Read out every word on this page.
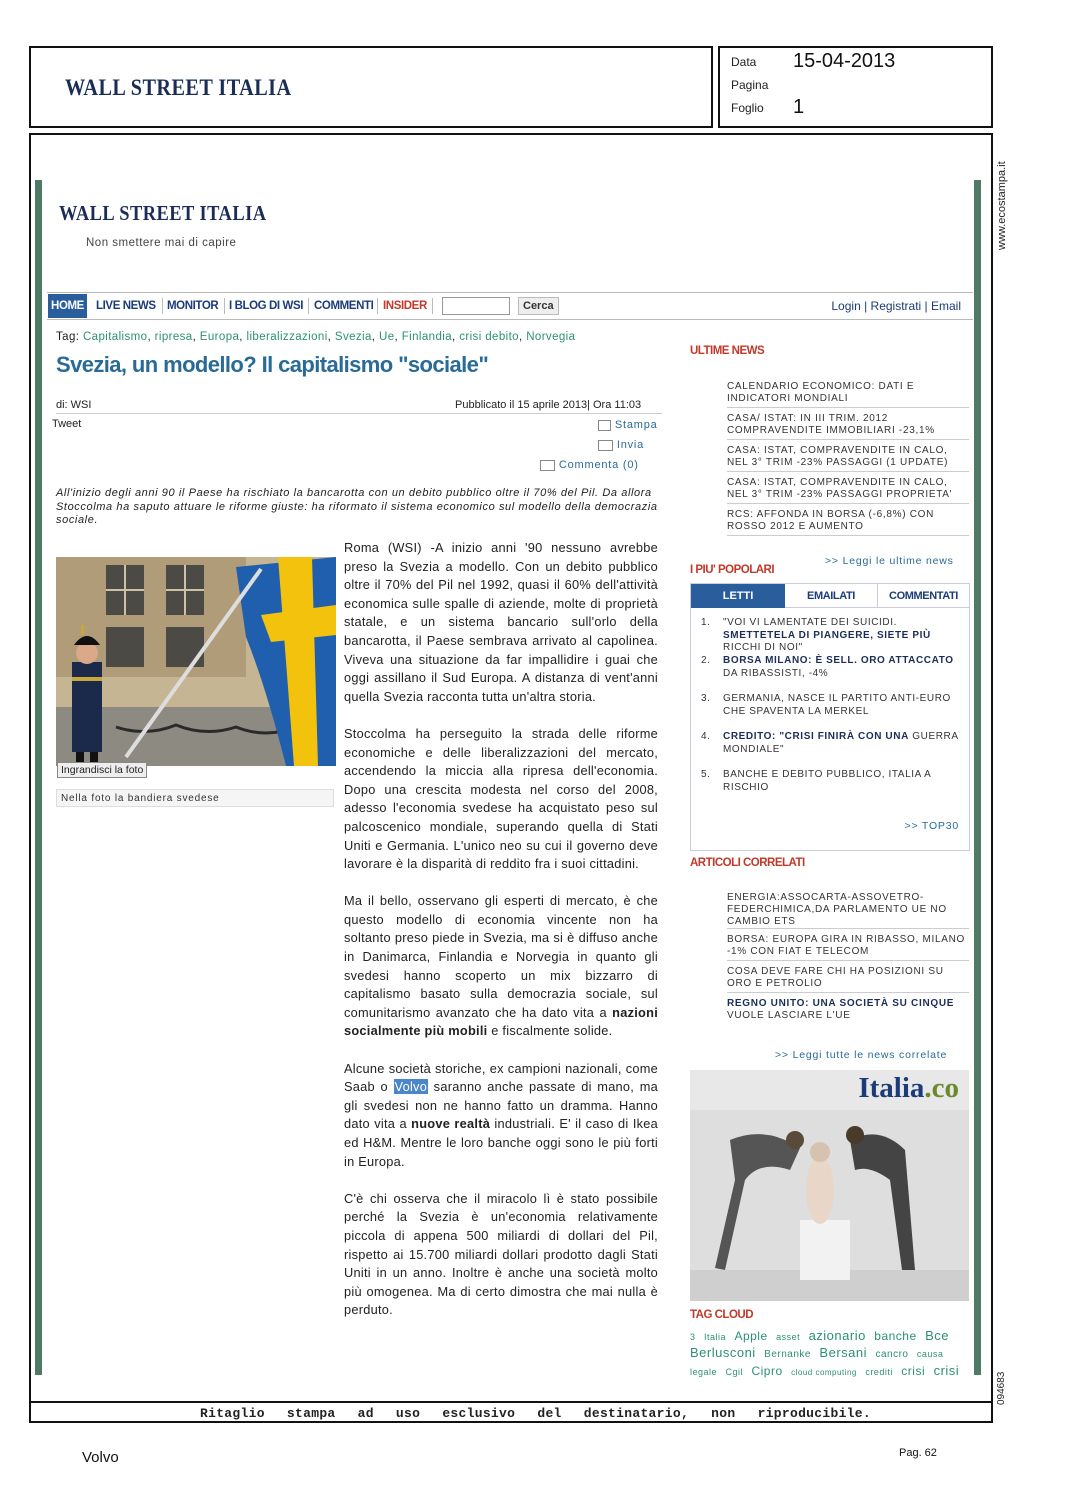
WALL STREET ITALIA
Data 15-04-2013
Pagina
Foglio 1
www.ecostampa.it
094683
Ritaglio stampa ad uso esclusivo del destinatario, non riproducibile.
WALL STREET ITALIA
Non smettere mai di capire
HOME LIVE NEWS MONITOR I BLOG DI WSI COMMENTI INSIDER	Cerca	Login | Registrati | Email
Tag: Capitalismo, ripresa, Europa, liberalizzazioni, Svezia, Ue, Finlandia, crisi debito, Norvegia
Svezia, un modello? Il capitalismo "sociale"
di: WSI	Pubblicato il 15 aprile 2013| Ora 11:03
Tweet	Stampa
Invia
Commenta (0)
All'inizio degli anni 90 il Paese ha rischiato la bancarotta con un debito pubblico oltre il 70% del Pil. Da allora Stoccolma ha saputo attuare le riforme giuste: ha riformato il sistema economico sul modello della democrazia sociale.
Ingrandisci la foto
Nella foto la bandiera svedese

Roma (WSI) -A inizio anni '90 nessuno avrebbe preso la Svezia a modello. Con un debito pubblico oltre il 70% del Pil nel 1992, quasi il 60% dell'attività economica sulle spalle di aziende, molte di proprietà statale, e un sistema bancario sull'orlo della bancarotta, il Paese sembrava arrivato al capolinea. Viveva una situazione da far impallidire i guai che oggi assillano il Sud Europa. A distanza di vent'anni quella Svezia racconta tutta un'altra storia.

Stoccolma ha perseguito la strada delle riforme economiche e delle liberalizzazioni del mercato, accendendo la miccia alla ripresa dell'economia. Dopo una crescita modesta nel corso del 2008, adesso l'economia svedese ha acquistato peso sul palcoscenico mondiale, superando quella di Stati Uniti e Germania. L'unico neo su cui il governo deve lavorare è la disparità di reddito fra i suoi cittadini.

Ma il bello, osservano gli esperti di mercato, è che questo modello di economia vincente non ha soltanto preso piede in Svezia, ma si è diffuso anche in Danimarca, Finlandia e Norvegia in quanto gli svedesi hanno scoperto un mix bizzarro di capitalismo basato sulla democrazia sociale, sul comunitarismo avanzato che ha dato vita a nazioni socialmente più mobili e fiscalmente solide.

Alcune società storiche, ex campioni nazionali, come Saab o Volvo saranno anche passate di mano, ma gli svedesi non ne hanno fatto un dramma. Hanno dato vita a nuove realtà industriali. E' il caso di Ikea ed H&M. Mentre le loro banche oggi sono le più forti in Europa.

C'è chi osserva che il miracolo lì è stato possibile perché la Svezia è un'economia relativamente piccola di appena 500 miliardi di dollari del Pil, rispetto ai 15.700 miliardi dollari prodotto dagli Stati Uniti in un anno. Inoltre è anche una società molto più omogenea. Ma di certo dimostra che mai nulla è perduto.

ULTIME NEWS
CALENDARIO ECONOMICO: DATI E INDICATORI MONDIALI
CASA/ ISTAT: IN III TRIM. 2012 COMPRAVENDITE IMMOBILIARI -23,1%
CASA: ISTAT, COMPRAVENDITE IN CALO, NEL 3° TRIM -23% PASSAGGI (1 UPDATE)
CASA: ISTAT, COMPRAVENDITE IN CALO, NEL 3° TRIM -23% PASSAGGI PROPRIETA'
RCS: AFFONDA IN BORSA (-6,8%) CON ROSSO 2012 E AUMENTO
>> Leggi le ultime news
I PIU' POPOLARI
LETTI	EMAILATI	COMMENTATI
1. "VOI VI LAMENTATE DEI SUICIDI. SMETTETELA DI PIANGERE, SIETE PIÙ RICCHI DI NOI"
2. BORSA MILANO: È SELL. ORO ATTACCATO DA RIBASSISTI, -4%
3. GERMANIA, NASCE IL PARTITO ANTI-EURO CHE SPAVENTA LA MERKEL
4. CREDITO: "CRISI FINIRÀ CON UNA GUERRA MONDIALE"
5. BANCHE E DEBITO PUBBLICO, ITALIA A RISCHIO
>> TOP30
ARTICOLI CORRELATI
ENERGIA:ASSOCARTA-ASSOVETRO-FEDERCHIMICA,DA PARLAMENTO UE NO CAMBIO ETS
BORSA: EUROPA GIRA IN RIBASSO, MILANO -1% CON FIAT E TELECOM
COSA DEVE FARE CHI HA POSIZIONI SU ORO E PETROLIO
REGNO UNITO: UNA SOCIETÀ SU CINQUE VUOLE LASCIARE L'UE
>> Leggi tutte le news correlate
Italia.co
TAG CLOUD
3 Italia Apple asset azionario banche Bce Berlusconi Bernanke Bersani cancro causa legale Cgil Cipro cloud computing crediti crisi crisi
Volvo	Pag. 62
